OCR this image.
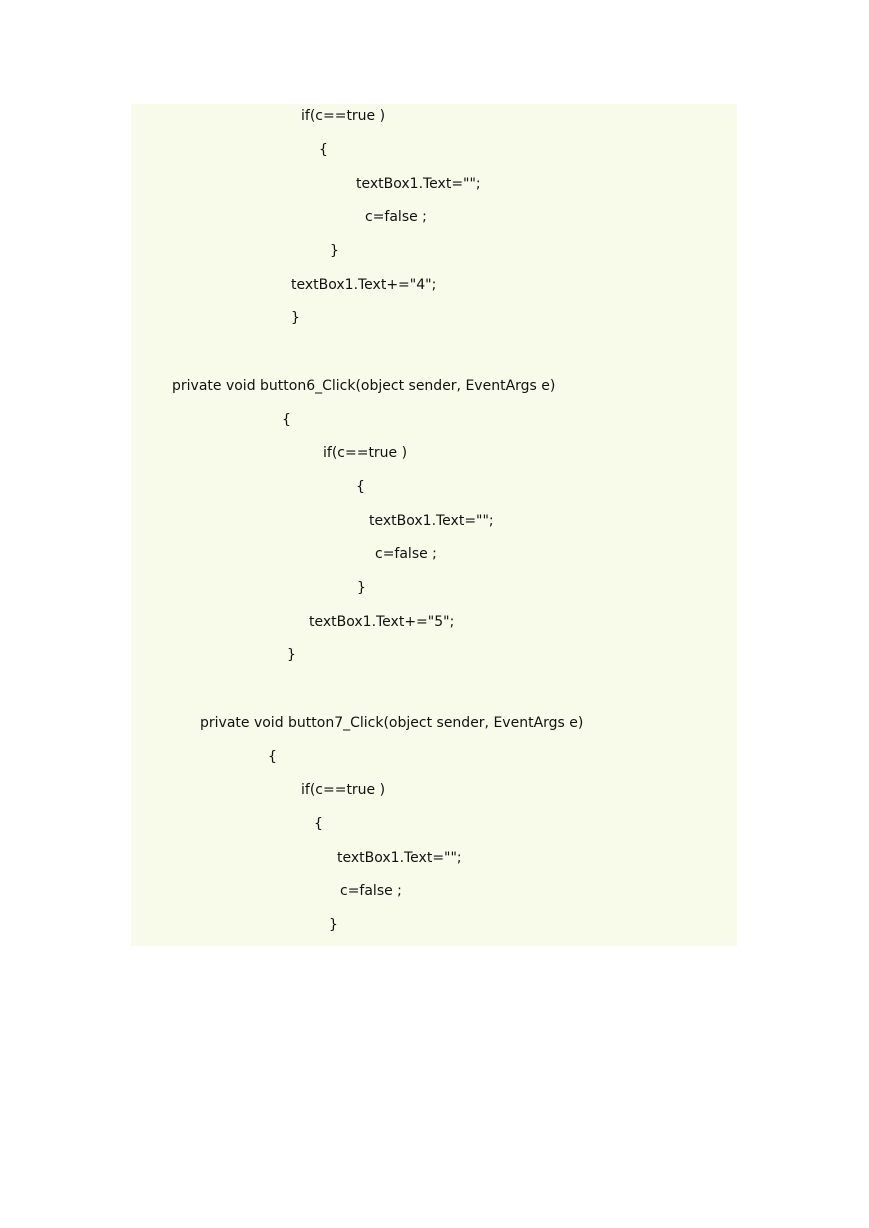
if(c==true )
{
textBox1.Text="";
c=false ;
}
textBox1.Text+="4";
}
private void button6_Click(object sender, EventArgs e)
{
if(c==true )
{
textBox1.Text="";
c=false ;
}
textBox1.Text+="5";
}
private void button7_Click(object sender, EventArgs e)
{
if(c==true )
{
textBox1.Text="";
c=false ;
}
